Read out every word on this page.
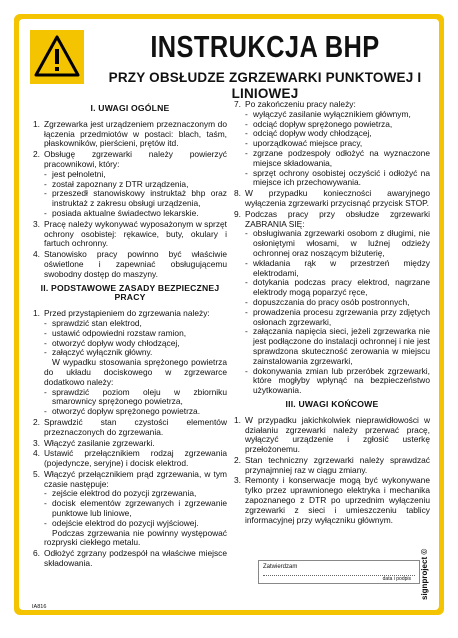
INSTRUKCJA BHP
PRZY OBSŁUDZE ZGRZEWARKI PUNKTOWEJ I LINIOWEJ
I. UWAGI OGÓLNE
1. Zgrzewarka jest urządzeniem przeznaczonym do łączenia przedmiotów w postaci: blach, taśm, płaskowników, pierścieni, prętów itd.
2. Obsługę zgrzewarki należy powierzyć pracownikowi, który:
- jest pełnoletni,
- został zapoznany z DTR urządzenia,
- przeszedł stanowiskowy instruktaż bhp oraz instruktaż z zakresu obsługi urządzenia,
- posiada aktualne świadectwo lekarskie.
3. Pracę należy wykonywać wyposażonym w sprzęt ochrony osobistej: rękawice, buty, okulary i fartuch ochronny.
4. Stanowisko pracy powinno być właściwie oświetlone i zapewniać obsługującemu swobodny dostęp do maszyny.
II. PODSTAWOWE ZASADY BEZPIECZNEJ PRACY
1. Przed przystąpieniem do zgrzewania należy:
- sprawdzić stan elektrod,
- ustawić odpowiedni rozstaw ramion,
- otworzyć dopływ wody chłodzącej,
- załączyć wyłącznik główny.
W wypadku stosowania sprężonego powietrza do układu dociskowego w zgrzewarce dodatkowo należy:
- sprawdzić poziom oleju w zbiorniku smarownicy sprężonego powietrza,
- otworzyć dopływ sprężonego powietrza.
2. Sprawdzić stan czystości elementów przeznaczonych do zgrzewania.
3. Włączyć zasilanie zgrzewarki.
4. Ustawić przełącznikiem rodzaj zgrzewania (pojedyncze, seryjne) i docisk elektrod.
5. Włączyć przełącznikiem prąd zgrzewania, w tym czasie następuje:
- zejście elektrod do pozycji zgrzewania,
- docisk elementów zgrzewanych i zgrzewanie punktowe lub liniowe,
- odejście elektrod do pozycji wyjściowej.
Podczas zgrzewania nie powinny występować rozpryski ciekłego metalu.
6. Odłożyć zgrzany podzespół na właściwe miejsce składowania.
7. Po zakończeniu pracy należy:
- wyłączyć zasilanie wyłącznikiem głównym,
- odciąć dopływ sprężonego powietrza,
- odciąć dopływ wody chłodzącej,
- uporządkować miejsce pracy,
- zgrzane podzespoły odłożyć na wyznaczone miejsce składowania,
- sprzęt ochrony osobistej oczyścić i odłożyć na miejsce ich przechowywania.
8. W przypadku konieczności awaryjnego wyłączenia zgrzewarki przycisnąć przycisk STOP.
9. Podczas pracy przy obsłudze zgrzewarki ZABRANIA SIĘ:
- obsługiwania zgrzewarki osobom z długimi, nie osłoniętymi włosami, w luźnej odzieży ochronnej oraz noszącym biżuterię,
- wkładania rąk w przestrzeń między elektrodami,
- dotykania podczas pracy elektrod, nagrzane elektrody mogą poparzyć ręce,
- dopuszczania do pracy osób postronnych,
- prowadzenia procesu zgrzewania przy zdjętych osłonach zgrzewarki,
- załączania napięcia sieci, jeżeli zgrzewarka nie jest podłączone do instalacji ochronnej i nie jest sprawdzona skuteczność zerowania w miejscu zainstalowania zgrzewarki,
- dokonywania zmian lub przeróbek zgrzewarki, które mogłyby wpłynąć na bezpieczeństwo użytkowania.
III. UWAGI KOŃCOWE
1. W przypadku jakichkolwiek nieprawidłowości w działaniu zgrzewarki należy przerwać pracę, wyłączyć urządzenie i zgłosić usterkę przełożonemu.
2. Stan techniczny zgrzewarki należy sprawdzać przynajmniej raz w ciągu zmiany.
3. Remonty i konserwacje mogą być wykonywane tylko przez uprawnionego elektryka i mechanika zapoznanego z DTR po uprzednim wyłączeniu zgrzewarki z sieci i umieszczeniu tablicy informacyjnej przy wyłączniku głównym.
Zatwierdzam
data i podpis
IA816
signproject ©
